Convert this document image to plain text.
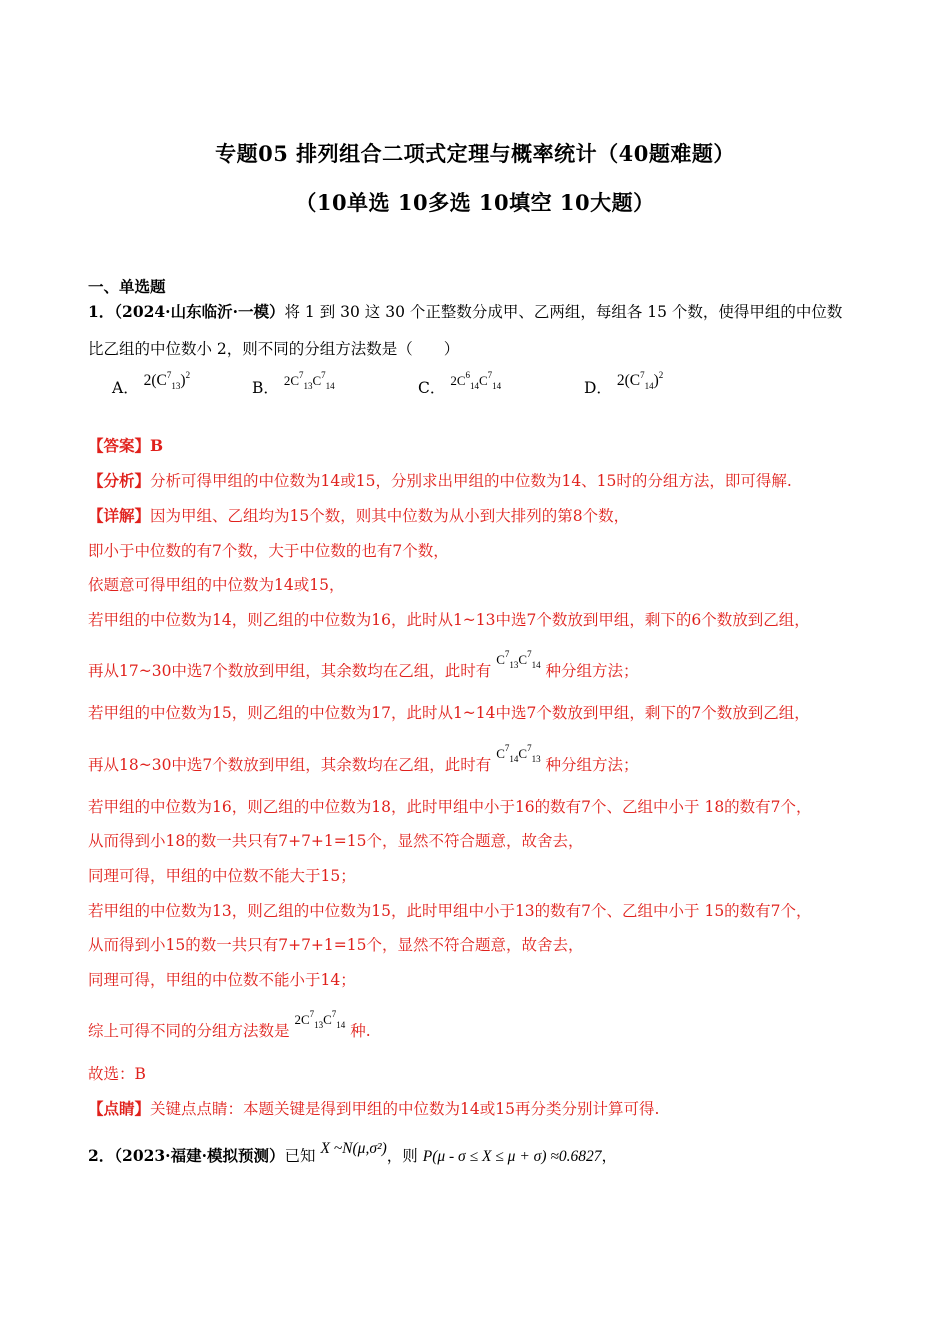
专题05 排列组合二项式定理与概率统计（40题难题）
（10单选 10多选 10填空 10大题）
一、单选题
1．（2024·山东临沂·一模）将 1 到 30 这 30 个正整数分成甲、乙两组，每组各 15 个数，使得甲组的中位数
比乙组的中位数小 2，则不同的分组方法数是（　　）
A． $2(C^7_{13})^2$
B． $^{2C^7_{13}C^7_{14}}$	C． $^{2C^6_{14}C^7_{14}}$	D． $2(C^7_{14})^2$
【答案】B
【分析】分析可得甲组的中位数为14或15，分别求出甲组的中位数为14、15时的分组方法，即可得解.
【详解】因为甲组、乙组均为15个数，则其中位数为从小到大排列的第8个数，
即小于中位数的有7个数，大于中位数的也有7个数，
依题意可得甲组的中位数为14或15，
若甲组的中位数为14，则乙组的中位数为16，此时从1~13中选7个数放到甲组，剩下的6个数放到乙组，
再从17~30中选7个数放到甲组，其余数均在乙组，此时有 $^{C^7_{13}C^7_{14}}$ 种分组方法；
若甲组的中位数为15，则乙组的中位数为17，此时从1~14中选7个数放到甲组，剩下的7个数放到乙组，
再从18~30中选7个数放到甲组，其余数均在乙组，此时有 $^{C^7_{14}C^7_{13}}$ 种分组方法；
若甲组的中位数为16，则乙组的中位数为18，此时甲组中小于16的数有7个、乙组中小于 18的数有7个，
从而得到小18的数一共只有7+7+1=15个，显然不符合题意，故舍去，
同理可得，甲组的中位数不能大于15；
若甲组的中位数为13，则乙组的中位数为15，此时甲组中小于13的数有7个、乙组中小于 15的数有7个，
从而得到小15的数一共只有7+7+1=15个，显然不符合题意，故舍去，
同理可得，甲组的中位数不能小于14；
综上可得不同的分组方法数是 $^{2C^7_{13}C^7_{14}}$ 种.
故选：B
【点睛】关键点点睛：本题关键是得到甲组的中位数为14或15再分类分别计算可得.
2．（2023·福建·模拟预测）已知 X ~N(μ,σ²)，则 P(μ - σ ≤ X ≤ μ + σ) ≈0.6827，
